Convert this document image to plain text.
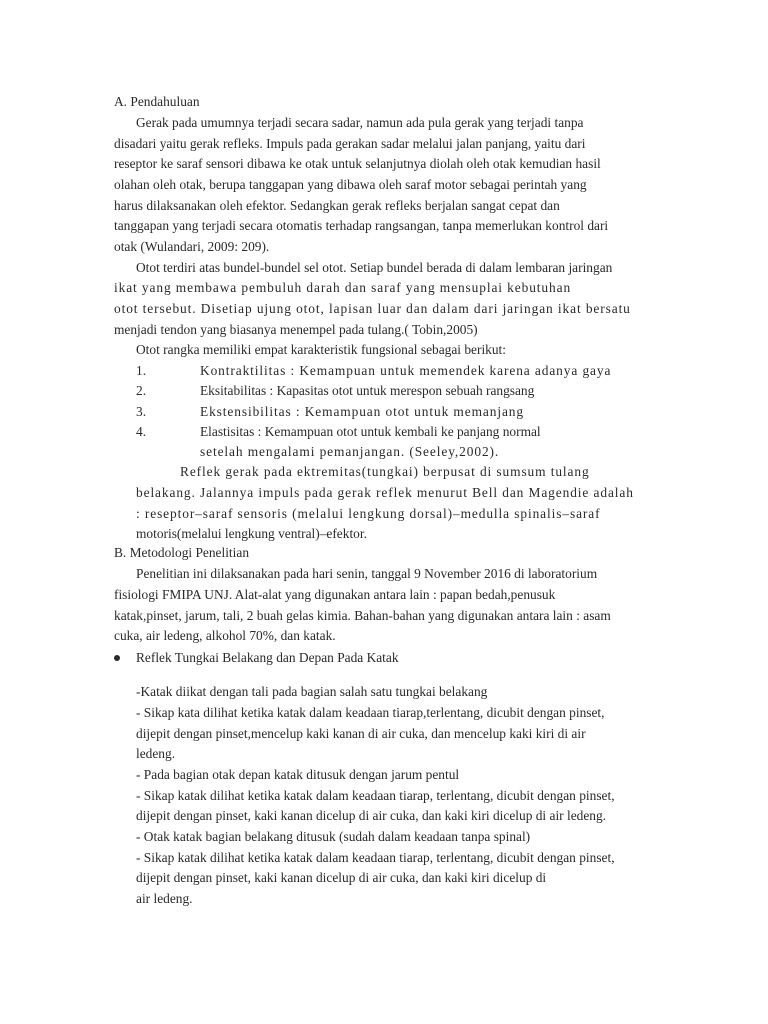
A. Pendahuluan

Gerak pada umumnya terjadi secara sadar, namun ada pula gerak yang terjadi tanpa

disadari yaitu gerak refleks. Impuls pada gerakan sadar melalui jalan panjang, yaitu dari

reseptor ke saraf sensori dibawa ke otak untuk selanjutnya diolah oleh otak kemudian hasil

olahan oleh otak, berupa tanggapan yang dibawa oleh saraf motor sebagai perintah yang

harus dilaksanakan oleh efektor. Sedangkan gerak refleks berjalan sangat cepat dan

tanggapan yang terjadi secara otomatis terhadap rangsangan, tanpa memerlukan kontrol dari

otak (Wulandari, 2009: 209).

Otot terdiri atas bundel-bundel sel otot. Setiap bundel berada di dalam lembaran jaringan

ikat yang membawa pembuluh darah dan saraf yang mensuplai kebutuhan

otot tersebut. Disetiap ujung otot, lapisan luar dan dalam dari jaringan ikat bersatu

menjadi tendon yang biasanya menempel pada tulang.( Tobin,2005)

Otot rangka memiliki empat karakteristik fungsional sebagai berikut:

1.	Kontraktilitas : Kemampuan untuk memendek karena adanya gaya

2.	Eksitabilitas : Kapasitas otot untuk merespon sebuah rangsang

3.	Ekstensibilitas : Kemampuan otot untuk memanjang

4.	Elastisitas : Kemampuan otot untuk kembali ke panjang normal

setelah mengalami pemanjangan. (Seeley,2002).

Reflek gerak pada ektremitas(tungkai) berpusat di sumsum tulang

belakang. Jalannya impuls pada gerak reflek menurut Bell dan Magendie adalah

: reseptor–saraf sensoris (melalui lengkung dorsal)–medulla spinalis–saraf

motoris(melalui lengkung ventral)–efektor.

B. Metodologi Penelitian

Penelitian ini dilaksanakan pada hari senin, tanggal 9 November 2016 di laboratorium

fisiologi FMIPA UNJ. Alat-alat yang digunakan antara lain : papan bedah,penusuk

katak,pinset, jarum, tali, 2 buah gelas kimia. Bahan-bahan yang digunakan antara lain : asam

cuka, air ledeng, alkohol 70%, dan katak.

Reflek Tungkai Belakang dan Depan Pada Katak

-Katak diikat dengan tali pada bagian salah satu tungkai belakang

- Sikap kata dilihat ketika katak dalam keadaan tiarap,terlentang, dicubit dengan pinset,

dijepit dengan pinset,mencelup kaki kanan di air cuka, dan mencelup kaki kiri di air

ledeng.

- Pada bagian otak depan katak ditusuk dengan jarum pentul

- Sikap katak dilihat ketika katak dalam keadaan tiarap, terlentang, dicubit dengan pinset,

dijepit dengan pinset, kaki kanan dicelup di air cuka, dan kaki kiri dicelup di air ledeng.

- Otak katak bagian belakang ditusuk (sudah dalam keadaan tanpa spinal)

- Sikap katak dilihat ketika katak dalam keadaan tiarap, terlentang, dicubit dengan pinset,

dijepit dengan pinset, kaki kanan dicelup di air cuka, dan kaki kiri dicelup di

air ledeng.
